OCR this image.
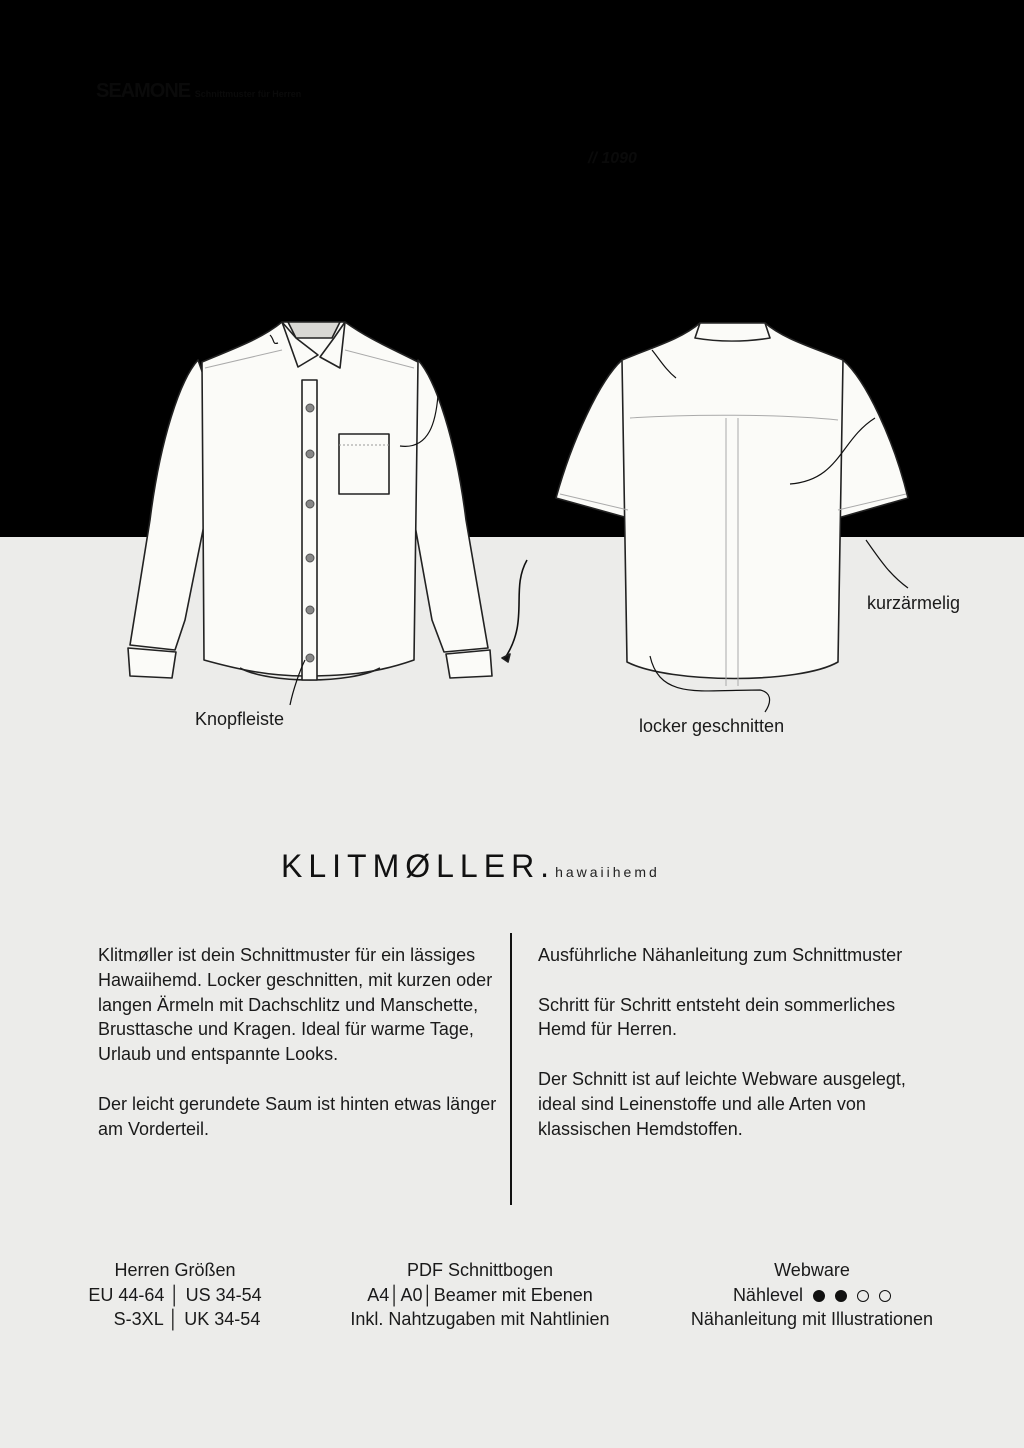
SEAMONE Schnittmuster für Herren
// 1090
Knopfleiste
kurzärmelig
locker geschnitten
KLITMØLLER. hawaiihemd

Klitmøller ist dein Schnittmuster für ein lässiges Hawaiihemd. Locker geschnitten, mit kurzen oder langen Ärmeln mit Dachschlitz und Manschette, Brusttasche und Kragen. Ideal für warme Tage, Urlaub und entspannte Looks.

Der leicht gerundete Saum ist hinten etwas länger am Vorderteil.

Ausführliche Nähanleitung zum Schnittmuster

Schritt für Schritt entsteht dein sommerliches Hemd für Herren.

Der Schnitt ist auf leichte Webware ausgelegt, ideal sind Leinenstoffe und alle Arten von klassischen Hemdstoffen.

Herren Größen
EU 44-64 │ US 34-54
S-3XL │ UK 34-54
PDF Schnittbogen
A4│A0│Beamer mit Ebenen
Inkl. Nahtzugaben mit Nahtlinien
Webware
Nählevel
Nähanleitung mit Illustrationen
